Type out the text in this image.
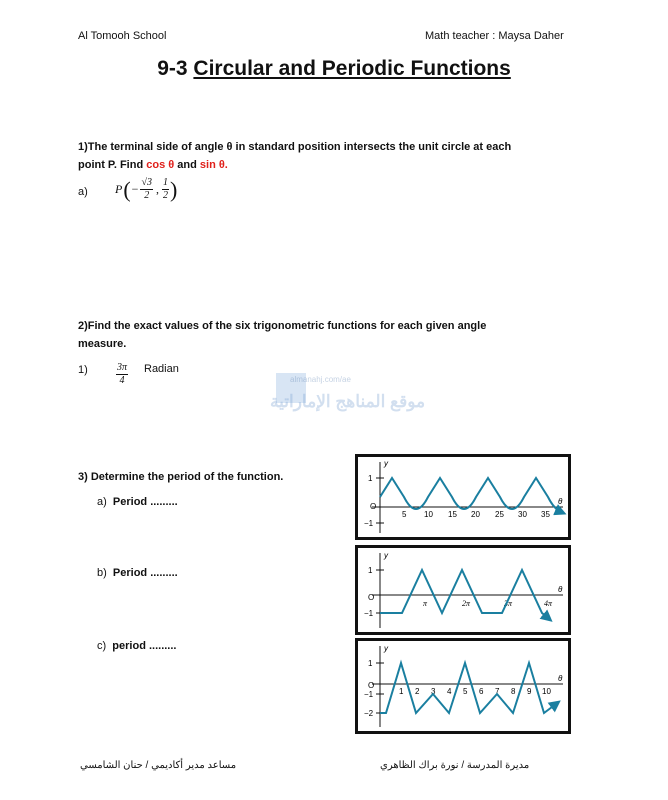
Al Tomooh School	Math teacher : Maysa Daher
9-3 Circular and Periodic Functions
1)The terminal side of angle θ in standard position intersects the unit circle at each
point P. Find cos θ and sin θ.
a) P ( − $\frac{√3}{2}$ , $\frac{1}{2}$ )
2)Find the exact values of the six trigonometric functions for each given angle
measure.
1)	$\frac{3\pi}{4}$ Radian
almanahj.com/ae
موقع المناهج الإماراتية
3) Determine the period of the function.
a) Period .........
b) Period .........
c) period .........
y
θ
1
O
−1
5 10 15 20 25 30 35
y
θ
1
O
−1
π	2π	3π	4π
y
θ
1
O
−1
−2
1 2 3 4 5 6 7 8 9 10
مساعد مدير أكاديمي / حنان الشامسي	مديرة المدرسة / نورة براك الظاهري
